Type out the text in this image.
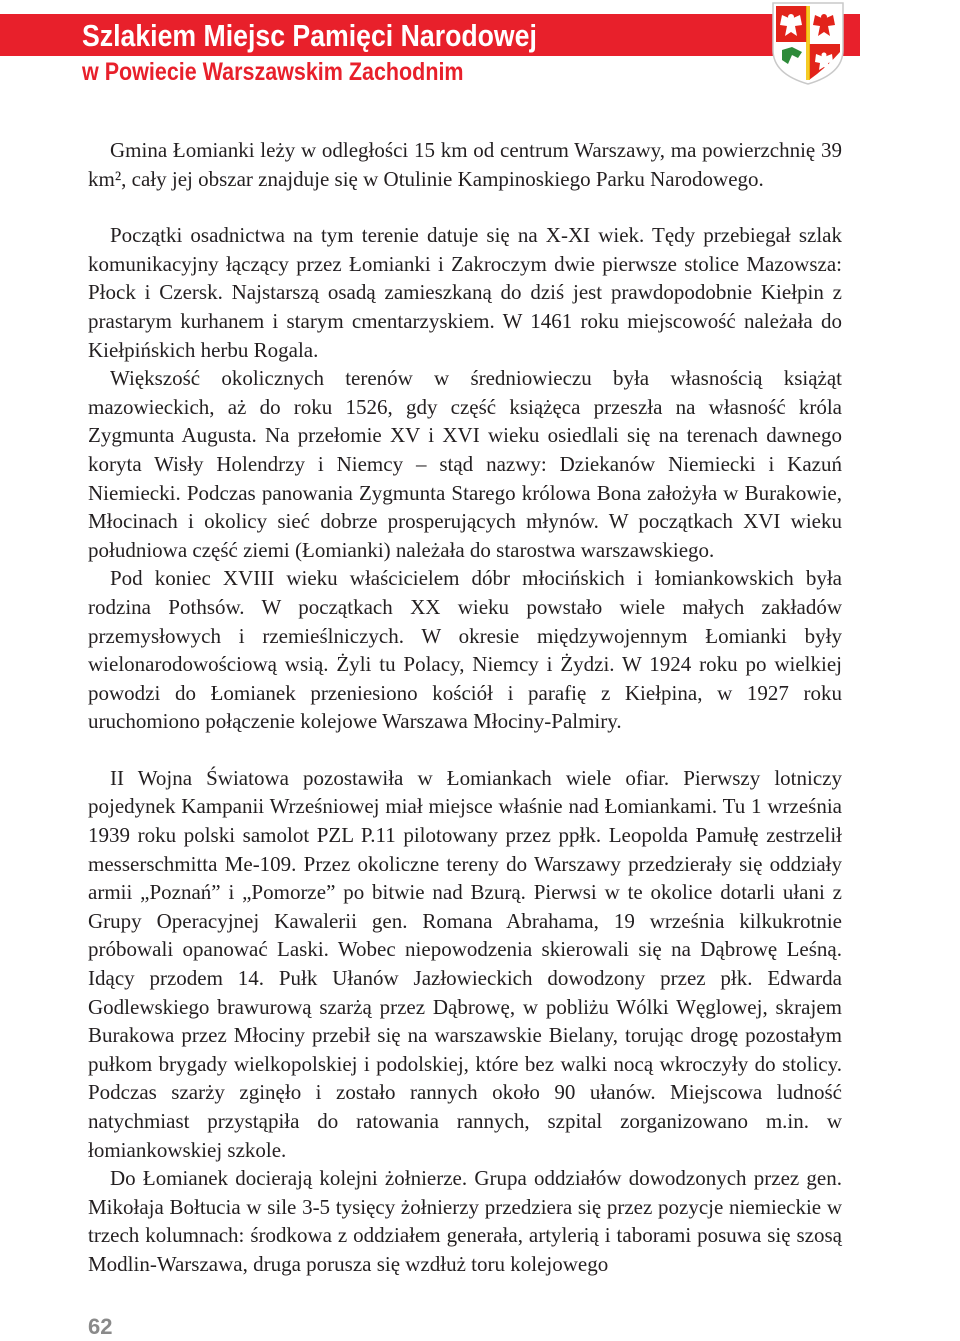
Szlakiem Miejsc Pamięci Narodowej
w Powiecie Warszawskim Zachodnim

Gmina Łomianki leży w odległości 15 km od centrum Warszawy, ma powierzchnię 39 km², cały jej obszar znajduje się w Otulinie Kampinoskiego Parku Narodowego.

Początki osadnictwa na tym terenie datuje się na X-XI wiek. Tędy przebiegał szlak komunikacyjny łączący przez Łomianki i Zakroczym dwie pierwsze stolice Mazowsza: Płock i Czersk. Najstarszą osadą zamieszkaną do dziś jest prawdopodobnie Kiełpin z prastarym kurhanem i starym cmentarzyskiem. W 1461 roku miejscowość należała do Kiełpińskich herbu Rogala.

Większość okolicznych terenów w średniowieczu była własnością książąt mazowieckich, aż do roku 1526, gdy część książęca przeszła na własność króla Zygmunta Augusta. Na przełomie XV i XVI wieku osiedlali się na terenach dawnego koryta Wisły Holendrzy i Niemcy – stąd nazwy: Dziekanów Niemiecki i Kazuń Niemiecki. Podczas panowania Zygmunta Starego królowa Bona założyła w Burakowie, Młocinach i okolicy sieć dobrze prosperujących młynów. W początkach XVI wieku południowa część ziemi (Łomianki) należała do starostwa warszawskiego.

Pod koniec XVIII wieku właścicielem dóbr młocińskich i łomiankowskich była rodzina Pothsów. W początkach XX wieku powstało wiele małych zakładów przemysłowych i rzemieślniczych. W okresie międzywojennym Łomianki były wielonarodowościową wsią. Żyli tu Polacy, Niemcy i Żydzi. W 1924 roku po wielkiej powodzi do Łomianek przeniesiono kościół i parafię z Kiełpina, w 1927 roku uruchomiono połączenie kolejowe Warszawa Młociny-Palmiry.

II Wojna Światowa pozostawiła w Łomiankach wiele ofiar. Pierwszy lotniczy pojedynek Kampanii Wrześniowej miał miejsce właśnie nad Łomiankami. Tu 1 września 1939 roku polski samolot PZL P.11 pilotowany przez ppłk. Leopolda Pamułę zestrzelił messerschmitta Me-109. Przez okoliczne tereny do Warszawy przedzierały się oddziały armii „Poznań” i „Pomorze” po bitwie nad Bzurą. Pierwsi w te okolice dotarli ułani z Grupy Operacyjnej Kawalerii gen. Romana Abrahama, 19 września kilkukrotnie próbowali opanować Laski. Wobec niepowodzenia skierowali się na Dąbrowę Leśną. Idący przodem 14. Pułk Ułanów Jazłowieckich dowodzony przez płk. Edwarda Godlewskiego brawurową szarżą przez Dąbrowę, w pobliżu Wólki Węglowej, skrajem Burakowa przez Młociny przebił się na warszawskie Bielany, torując drogę pozostałym pułkom brygady wielkopolskiej i podolskiej, które bez walki nocą wkroczyły do stolicy. Podczas szarży zginęło i zostało rannych około 90 ułanów. Miejscowa ludność natychmiast przystąpiła do ratowania rannych, szpital zorganizowano m.in. w łomiankowskiej szkole.

Do Łomianek docierają kolejni żołnierze. Grupa oddziałów dowodzonych przez gen. Mikołaja Bołtucia w sile 3-5 tysięcy żołnierzy przedziera się przez pozycje niemieckie w trzech kolumnach: środkowa z oddziałem generała, artylerią i taborami posuwa się szosą Modlin-Warszawa, druga porusza się wzdłuż toru kolejowego

62
